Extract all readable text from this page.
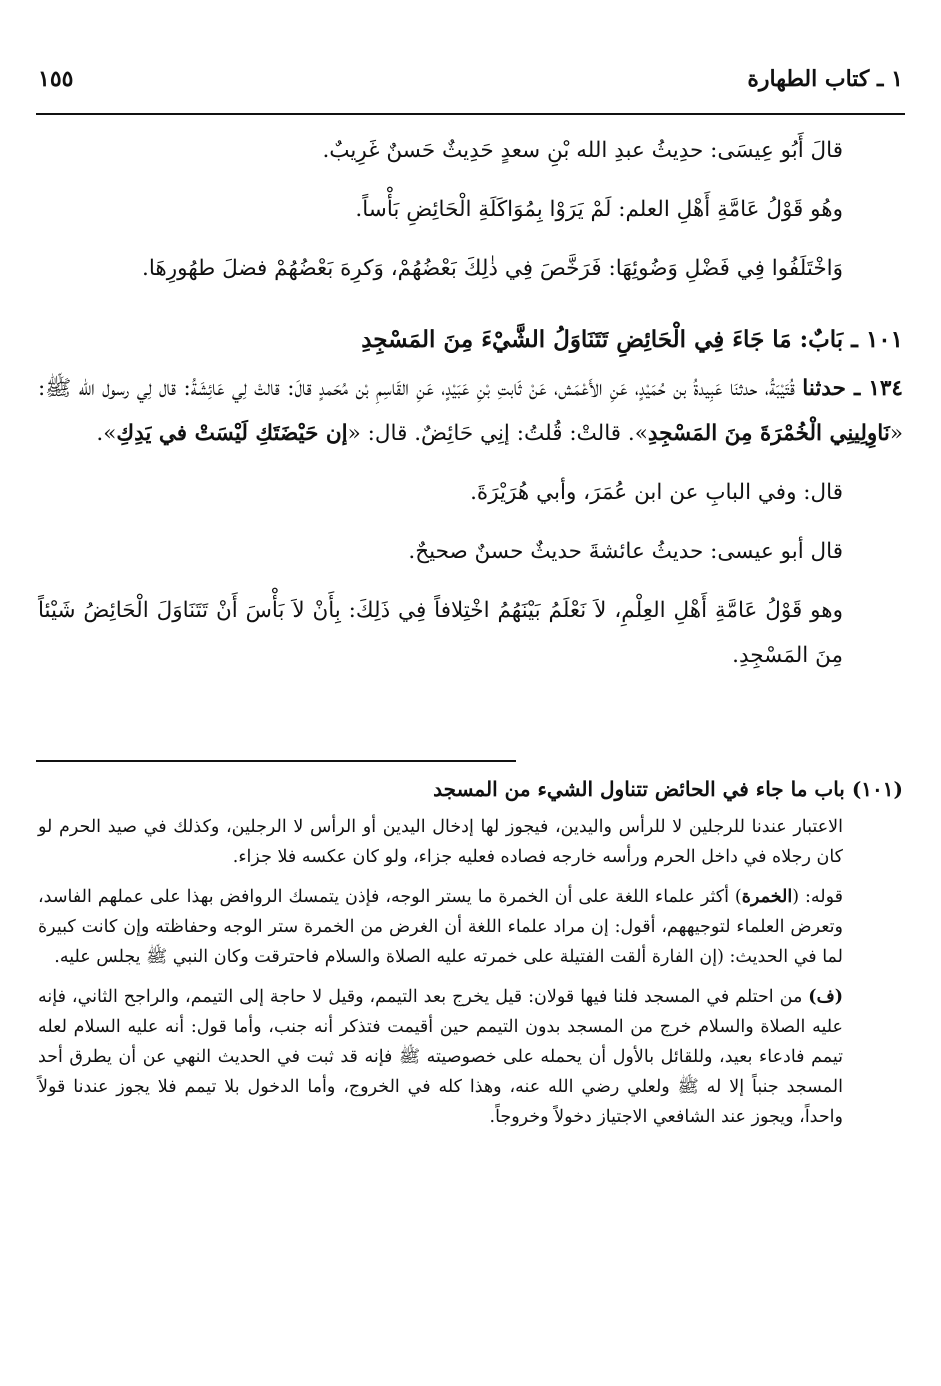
١ ـ كتاب الطهارة
١٥٥

قالَ أَبُو عِيسَى: حدِيثُ عبدِ الله بْنِ سعدٍ حَدِيثٌ حَسنٌ غَرِيبٌ.

وهُو قَوْلُ عَامَّةِ أَهْلِ العلم: لَمْ يَرَوْا بِمُوَاكَلَةِ الْحَائِضِ بَأْساً.

وَاخْتَلَفُوا فِي فَضْلِ وَضُوئِهَا: فَرَخَّصَ فِي ذٰلِكَ بَعْضُهُمْ، وَكرِهَ بَعْضُهُمْ فضلَ طهُورِهَا.

١٠١ ـ بَابٌ: مَا جَاءَ فِي الْحَائِضِ تَتَنَاوَلُ الشَّيْءَ مِنَ المَسْجِدِ

١٣٤ ـ حدثنا قُتَيْبَةُ، حدثنَا عَبِيدةُ بن حُمَيْدٍ، عَنِ الأَعْمَش، عَنْ ثَابتِ بْنِ عَبَيْدٍ، عَنِ القَاسِمِ بْن مُحَمدٍ قالَ: قالتْ لِي عَائِشَةُ: قال لِي رسول الله ﷺ: «نَاوِلِينِي الْخُمْرَةَ مِنَ المَسْجِدِ». قالتْ: قُلتُ: إنِي حَائِضٌ. قال: «إن حَيْضَتَكِ لَيْسَتْ في يَدِكِ».

قال: وفي البابِ عن ابن عُمَرَ، وأبي هُرَيْرَةَ.

قال أبو عيسى: حديثُ عائشةَ حديثٌ حسنٌ صحيحٌ.

وهو قَوْلُ عَامَّةِ أَهْلِ العِلْمِ، لاَ نَعْلَمُ بَيْنَهُمُ اخْتِلافاً فِي ذَلِكَ: بِأَنْ لاَ بَأْسَ أَنْ تَتَنَاوَلَ الْحَائِضُ شَيْئاً مِنَ المَسْجِدِ.

(١٠١) باب ما جاء في الحائض تتناول الشيء من المسجد

الاعتبار عندنا للرجلين لا للرأس واليدين، فيجوز لها إدخال اليدين أو الرأس لا الرجلين، وكذلك في صيد الحرم لو كان رجلاه في داخل الحرم ورأسه خارجه فصاده فعليه جزاء، ولو كان عكسه فلا جزاء.

قوله: (الخمرة) أكثر علماء اللغة على أن الخمرة ما يستر الوجه، فإذن يتمسك الروافض بهذا على عملهم الفاسد، وتعرض العلماء لتوجيههم، أقول: إن مراد علماء اللغة أن الغرض من الخمرة ستر الوجه وحفاظته وإن كانت كبيرة لما في الحديث: (إن الفارة ألقت الفتيلة على خمرته عليه الصلاة والسلام فاحترقت وكان النبي ﷺ يجلس عليه.

(ف) من احتلم في المسجد فلنا فيها قولان: قيل يخرج بعد التيمم، وقيل لا حاجة إلى التيمم، والراجح الثاني، فإنه عليه الصلاة والسلام خرج من المسجد بدون التيمم حين أقيمت فتذكر أنه جنب، وأما قول: أنه عليه السلام لعله تيمم فادعاء بعيد، وللقائل بالأول أن يحمله على خصوصيته ﷺ فإنه قد ثبت في الحديث النهي عن أن يطرق أحد المسجد جنباً إلا له ﷺ ولعلي رضي الله عنه، وهذا كله في الخروج، وأما الدخول بلا تيمم فلا يجوز عندنا قولاً واحداً، ويجوز عند الشافعي الاجتياز دخولاً وخروجاً.
